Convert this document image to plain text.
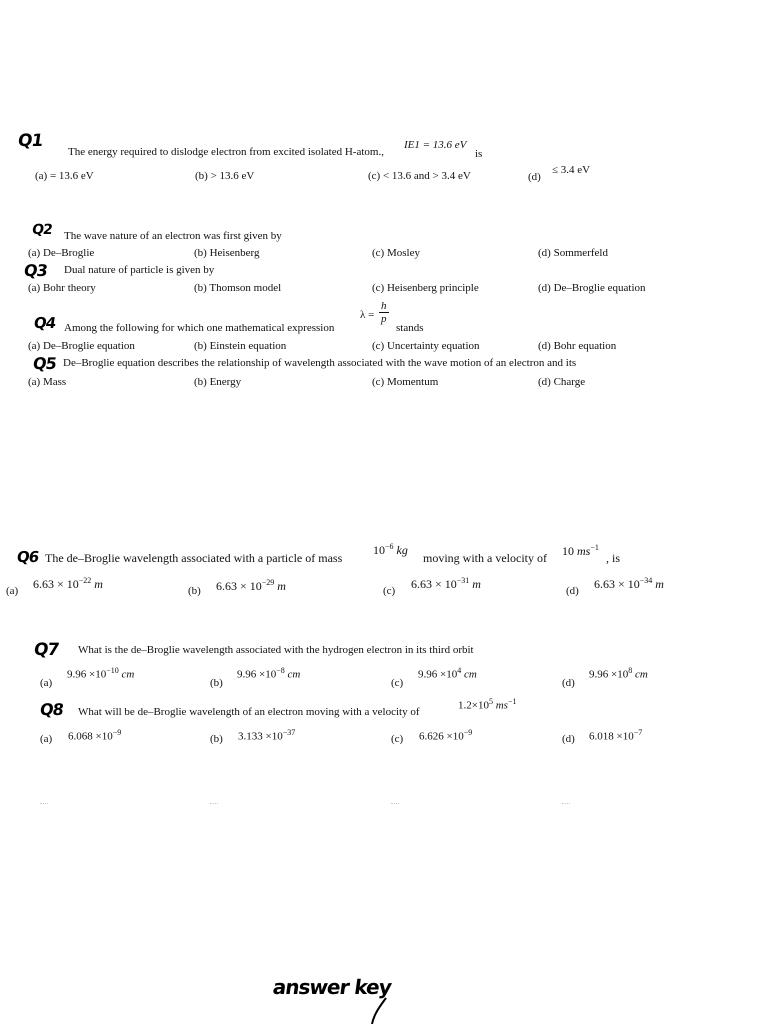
Q1
The energy required to dislodge electron from excited isolated H-atom.,
IE1 = 13.6 eV
is
(a) = 13.6 eV	(b) > 13.6 eV	(c) < 13.6 and > 3.4 eV	(d)
≤ 3.4 eV
Q2 The wave nature of an electron was first given by
(a) De–Broglie	(b) Heisenberg	(c) Mosley	(d) Sommerfeld
Q3 Dual nature of particle is given by
(a) Bohr theory	(b) Thomson model	(c) Heisenberg principle	(d) De–Broglie equation
Q4 Among the following for which one mathematical expression
$\lambda = \frac{h}{p}$
stands
(a) De–Broglie equation	(b) Einstein equation	(c) Uncertainty equation	(d) Bohr equation
Q5 De–Broglie equation describes the relationship of wavelength associated with the wave motion of an electron and its
(a) Mass	(b) Energy	(c) Momentum	(d) Charge
Q6 The de–Broglie wavelength associated with a particle of mass
$10^{-6}$ kg
moving with a velocity of 10 $ms^{-1}$
, is
(a) $6.63 \times 10^{-22}$ m	(b) $6.63 \times 10^{-29}$ m	(c) $6.63 \times 10^{-31}$ m	(d) $6.63 \times 10^{-34}$ m
Q7 What is the de–Broglie wavelength associated with the hydrogen electron in its third orbit
(a)
$9.96 \times 10^{-10}$ cm
(b)
$9.96 \times 10^{-8}$ cm
(c)
$9.96 \times 10^4$ cm
(d)
$9.96 \times 10^8$ cm
Q8 What will be de–Broglie wavelength of an electron moving with a velocity of
$1.2\times 10^5$ $ms^{-1}$
(a) $6.068 \times 10^{-9}$
(b) $3.133 \times 10^{-37}$
(c) $6.626 \times 10^{-9}$
(d) $6.018 \times 10^{-7}$
answer key
